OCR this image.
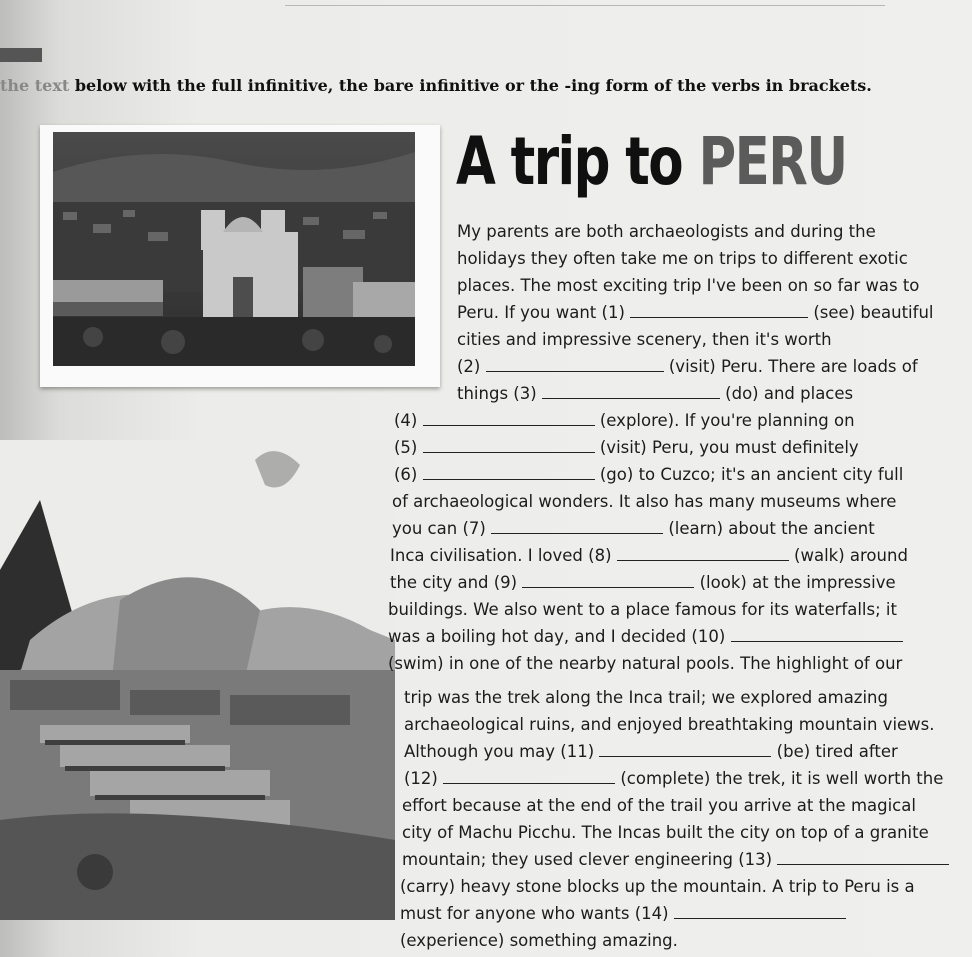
the text below with the full infinitive, the bare infinitive or the -ing form of the verbs in brackets.
A trip to PERU
My parents are both archaeologists and during the
holidays they often take me on trips to different exotic
places. The most exciting trip I've been on so far was to
Peru. If you want (1)	(see) beautiful
cities and impressive scenery, then it's worth
(2)	(visit) Peru. There are loads of
things (3)	(do) and places
(4)	(explore). If you're planning on
(5)	(visit) Peru, you must definitely
(6)	(go) to Cuzco; it's an ancient city full
of archaeological wonders. It also has many museums where
you can (7)	(learn) about the ancient
Inca civilisation. I loved (8)	(walk) around
the city and (9)	(look) at the impressive
buildings. We also went to a place famous for its waterfalls; it
was a boiling hot day, and I decided (10)
(swim) in one of the nearby natural pools. The highlight of our
trip was the trek along the Inca trail; we explored amazing
archaeological ruins, and enjoyed breathtaking mountain views.
Although you may (11)	(be) tired after
(12)	(complete) the trek, it is well worth the
effort because at the end of the trail you arrive at the magical
city of Machu Picchu. The Incas built the city on top of a granite
mountain; they used clever engineering (13)
(carry) heavy stone blocks up the mountain. A trip to Peru is a
must for anyone who wants (14)
(experience) something amazing.
